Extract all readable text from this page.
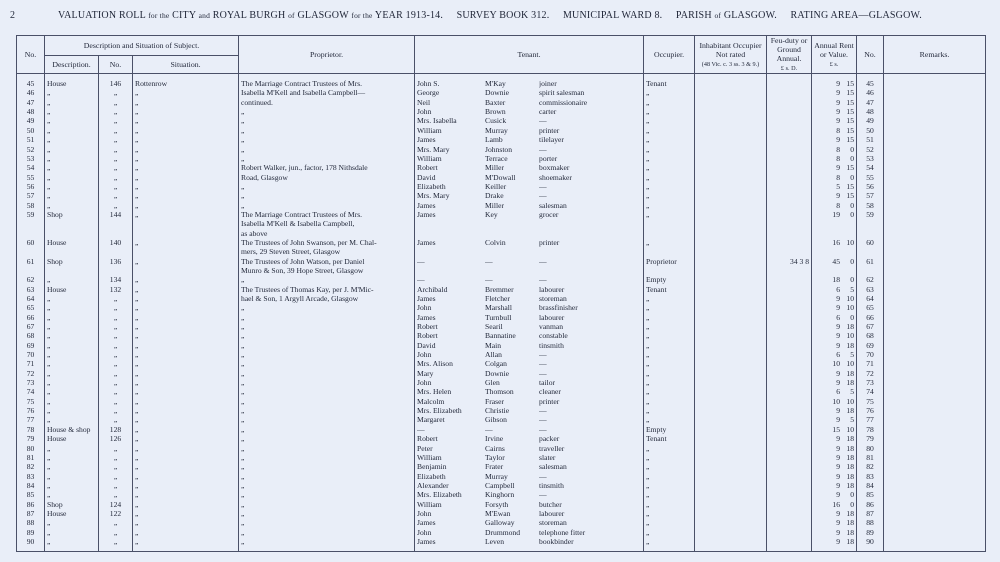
2	VALUATION ROLL for the CITY and ROYAL BURGH of GLASGOW for the YEAR 1913-14. SURVEY BOOK 312. MUNICIPAL WARD 8. PARISH of GLASGOW. RATING AREA—GLASGOW.
No.	Description and Situation of Subject.			Proprietor.	Tenant.	Occupier.	Inhabitant Occupier Not rated
(48 Vic. c. 3 ss. 3 & 9.)	Feu-duty or Ground Annual.
£ s. D.	Annual Rent or Value.
£ s.	No.	Remarks.
	Description.	No.	Situation.								
45	House	146	Rottenrow	The Marriage Contract Trustees of Mrs.	John S. M'Kay joiner	Tenant			9 15	45	
46	„	„	„	Isabella M'Kell and Isabella Campbell—	George Downie spirit salesman	„			9 15	46	
47	„	„	„	continued.	Neil Baxter commissionaire	„			9 15	47	
48	„	„	„	„	John Brown carter	„			9 15	48	
49	„	„	„	„	Mrs. Isabella Cusick —	„			9 15	49	
50	„	„	„	„	William Murray printer	„			8 15	50	
51	„	„	„	„	James Lamb tilelayer	„			9 15	51	
52	„	„	„	„	Mrs. Mary Johnston —	„			8 0	52	
53	„	„	„	„	William Terrace porter	„			8 0	53	
54	„	„	„	Robert Walker, jun., factor, 178 Nithsdale	Robert Miller boxmaker	„			9 15	54	
55	„	„	„	Road, Glasgow	David M'Dowall shoemaker	„			8 0	55	
56	„	„	„	„	Elizabeth Keiller —	„			5 15	56	
57	„	„	„	„	Mrs. Mary Drake —	„			9 15	57	
58	„	„	„	„	James Miller salesman	„			8 0	58	
59	Shop	144	„	The Marriage Contract Trustees of Mrs.	James Key grocer	„			19 0	59	
				Isabella M'Kell & Isabella Campbell,	

				as above	

60	House	140	„	The Trustees of John Swanson, per M. Chal-	James Colvin printer	„			16 10	60	
				mers, 29 Steven Street, Glasgow	

61	Shop	136	„	The Trustees of John Watson, per Daniel	— — —	Proprietor		34 3 8	45 0	61	
				Munro & Son, 39 Hope Street, Glasgow	

62	„	134	„	„	— — —	Empty			18 0	62	
63	House	132	„	The Trustees of Thomas Kay, per J. M'Mic-	Archibald Bremmer labourer	Tenant			6 5	63	
64	„	„	„	hael & Son, 1 Argyll Arcade, Glasgow	James Fletcher storeman	„			9 10	64	
65	„	„	„	„	John Marshall brassfinisher	„			9 10	65	
66	„	„	„	„	James Turnbull labourer	„			6 0	66	
67	„	„	„	„	Robert Searil vanman	„			9 18	67	
68	„	„	„	„	Robert Bannatine constable	„			9 10	68	
69	„	„	„	„	David Main tinsmith	„			9 18	69	
70	„	„	„	„	John Allan —	„			6 5	70	
71	„	„	„	„	Mrs. Alison Colgan —	„			10 10	71	
72	„	„	„	„	Mary Downie —	„			9 18	72	
73	„	„	„	„	John Glen tailor	„			9 18	73	
74	„	„	„	„	Mrs. Helen Thomson cleaner	„			6 5	74	
75	„	„	„	„	Malcolm Fraser printer	„			10 10	75	
76	„	„	„	„	Mrs. Elizabeth Christie —	„			9 18	76	
77	„	„	„	„	Margaret Gibson —	„			9 5	77	
78	House & shop	128	„	„	— — —	Empty			15 10	78	
79	House	126	„	„	Robert Irvine packer	Tenant			9 18	79	
80	„	„	„	„	Peter Cairns traveller	„			9 18	80	
81	„	„	„	„	William Taylor slater	„			9 18	81	
82	„	„	„	„	Benjamin Frater salesman	„			9 18	82	
83	„	„	„	„	Elizabeth Murray —	„			9 18	83	
84	„	„	„	„	Alexander Campbell tinsmith	„			9 18	84	
85	„	„	„	„	Mrs. Elizabeth Kinghorn —	„			9 0	85	
86	Shop	124	„	„	William Forsyth butcher	„			16 0	86	
87	House	122	„	„	John M'Ewan labourer	„			9 18	87	
88	„	„	„	„	James Galloway storeman	„			9 18	88	
89	„	„	„	„	John Drummond telephone fitter	„			9 18	89	
90	„	„	„	„	James Leven bookbinder	„			9 18	90	
